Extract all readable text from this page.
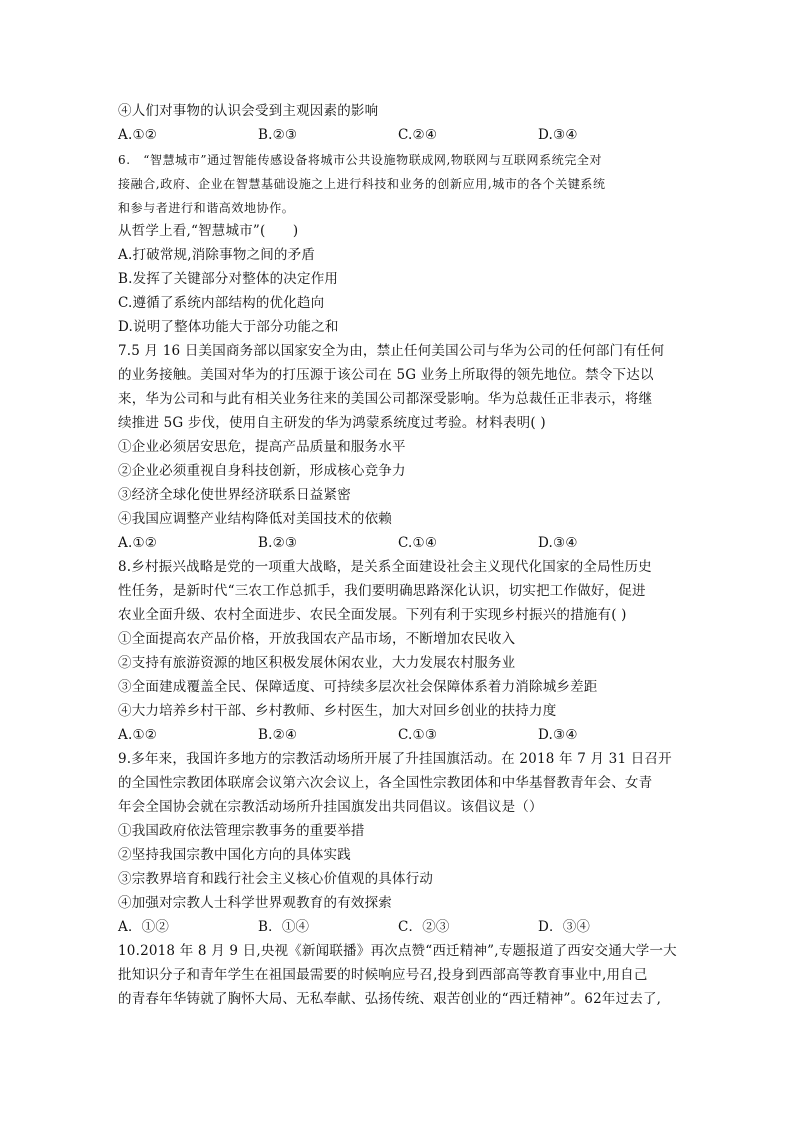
④人们对事物的认识会受到主观因素的影响
A.①②	B.②③	C.②④	D.③④
6.　“智慧城市”通过智能传感设备将城市公共设施物联成网,物联网与互联网系统完全对
接融合,政府、企业在智慧基础设施之上进行科技和业务的创新应用,城市的各个关键系统
和参与者进行和谐高效地协作。
从哲学上看,“智慧城市”(　　)
A.打破常规,消除事物之间的矛盾
B.发挥了关键部分对整体的决定作用
C.遵循了系统内部结构的优化趋向
D.说明了整体功能大于部分功能之和
7.5 月 16 日美国商务部以国家安全为由，禁止任何美国公司与华为公司的任何部门有任何
的业务接触。美国对华为的打压源于该公司在 5G 业务上所取得的领先地位。禁令下达以
来，华为公司和与此有相关业务往来的美国公司都深受影响。华为总裁任正非表示，将继
续推进 5G 步伐，使用自主研发的华为鸿蒙系统度过考验。材料表明( )
①企业必须居安思危，提高产品质量和服务水平
②企业必须重视自身科技创新，形成核心竞争力
③经济全球化使世界经济联系日益紧密
④我国应调整产业结构降低对美国技术的依赖
A.①②	B.②③	C.①④	D.③④
8.乡村振兴战略是党的一项重大战略，是关系全面建设社会主义现代化国家的全局性历史
性任务，是新时代“三农工作总抓手，我们要明确思路深化认识，切实把工作做好，促进
农业全面升级、农村全面进步、农民全面发展。下列有利于实现乡村振兴的措施有( )
①全面提高农产品价格，开放我国农产品市场，不断增加农民收入
②支持有旅游资源的地区积极发展休闲农业，大力发展农村服务业
③全面建成覆盖全民、保障适度、可持续多层次社会保障体系着力消除城乡差距
④大力培养乡村干部、乡村教师、乡村医生，加大对回乡创业的扶持力度
A.①②	B.②④	C.①③	D.③④
9.多年来，我国许多地方的宗教活动场所开展了升挂国旗活动。在 2018 年 7 月 31 日召开
的全国性宗教团体联席会议第六次会议上，各全国性宗教团体和中华基督教青年会、女青
年会全国协会就在宗教活动场所升挂国旗发出共同倡议。该倡议是（）
①我国政府依法管理宗教事务的重要举措
②坚持我国宗教中国化方向的具体实践
③宗教界培育和践行社会主义核心价值观的具体行动
④加强对宗教人士科学世界观教育的有效探索
A．①②	B．①④	C．②③	D．③④
10.2018 年 8 月 9 日,央视《新闻联播》再次点赞“西迁精神”,专题报道了西安交通大学一大
批知识分子和青年学生在祖国最需要的时候响应号召,投身到西部高等教育事业中,用自己
的青春年华铸就了胸怀大局、无私奉献、弘扬传统、艰苦创业的“西迁精神”。62年过去了,
